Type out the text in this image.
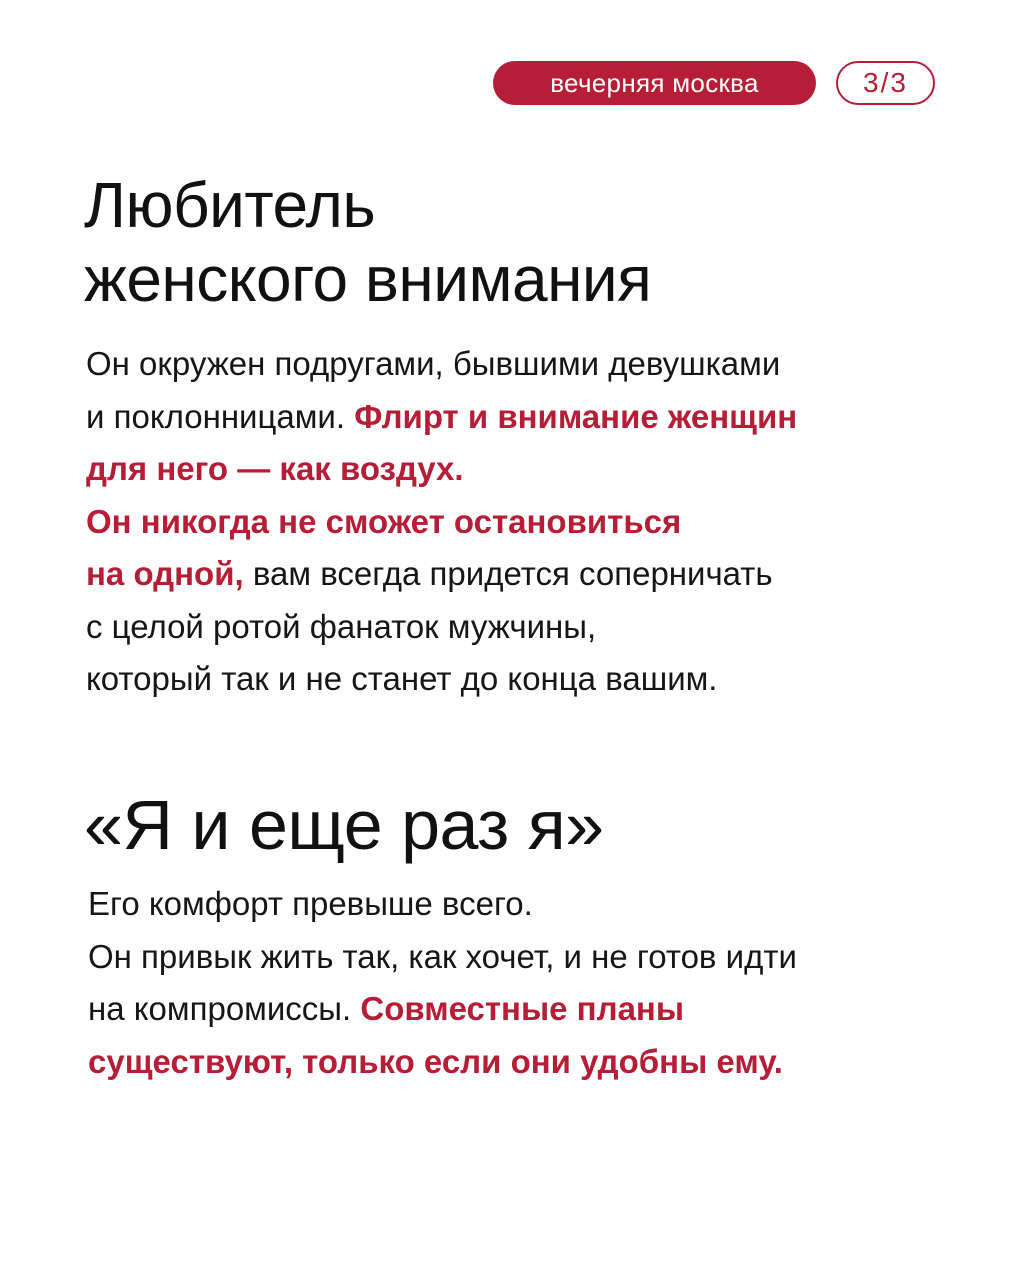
вечерняя москва	3/3
Любитель
женского внимания

Он окружен подругами, бывшими девушками
и поклонницами. Флирт и внимание женщин
для него — как воздух.
Он никогда не сможет остановиться
на одной, вам всегда придется соперничать
с целой ротой фанаток мужчины,
который так и не станет до конца вашим.

«Я и еще раз я»

Его комфорт превыше всего.
Он привык жить так, как хочет, и не готов идти
на компромиссы. Совместные планы
существуют, только если они удобны ему.
